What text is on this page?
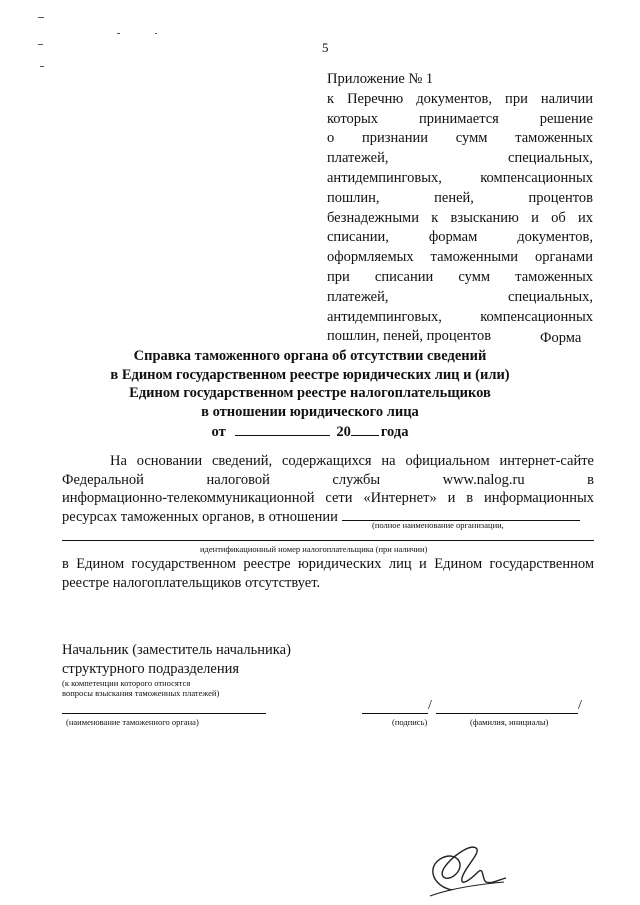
5
Приложение № 1
к Перечню документов, при наличии
которых принимается решение
о признании сумм таможенных
платежей, специальных,
антидемпинговых, компенсационных
пошлин, пеней, процентов
безнадежными к взысканию и об их
списании, формам документов,
оформляемых таможенными органами
при списании сумм таможенных
платежей, специальных,
антидемпинговых, компенсационных
пошлин, пеней, процентов	Форма
Справка таможенного органа об отсутствии сведений
в Едином государственном реестре юридических лиц и (или)
Едином государственном реестре налогоплательщиков
в отношении юридического лица
от	20 года
На основании сведений, содержащихся на официальном интернет-сайте
Федеральной налоговой службы www.nalog.ru в
информационно-телекоммуникационной сети «Интернет» и в информационных
ресурсах таможенных органов, в отношении	(полное наименование организации,
идентификационный номер налогоплательщика (при наличии)
в Едином государственном реестре юридических лиц и Едином государственном
реестре налогоплательщиков отсутствует.
Начальник (заместитель начальника)
структурного подразделения
(к компетенции которого относятся
вопросы взыскания таможенных платежей)
(наименование таможенного органа)
/	/
(подпись)	(фамилия, инициалы)
